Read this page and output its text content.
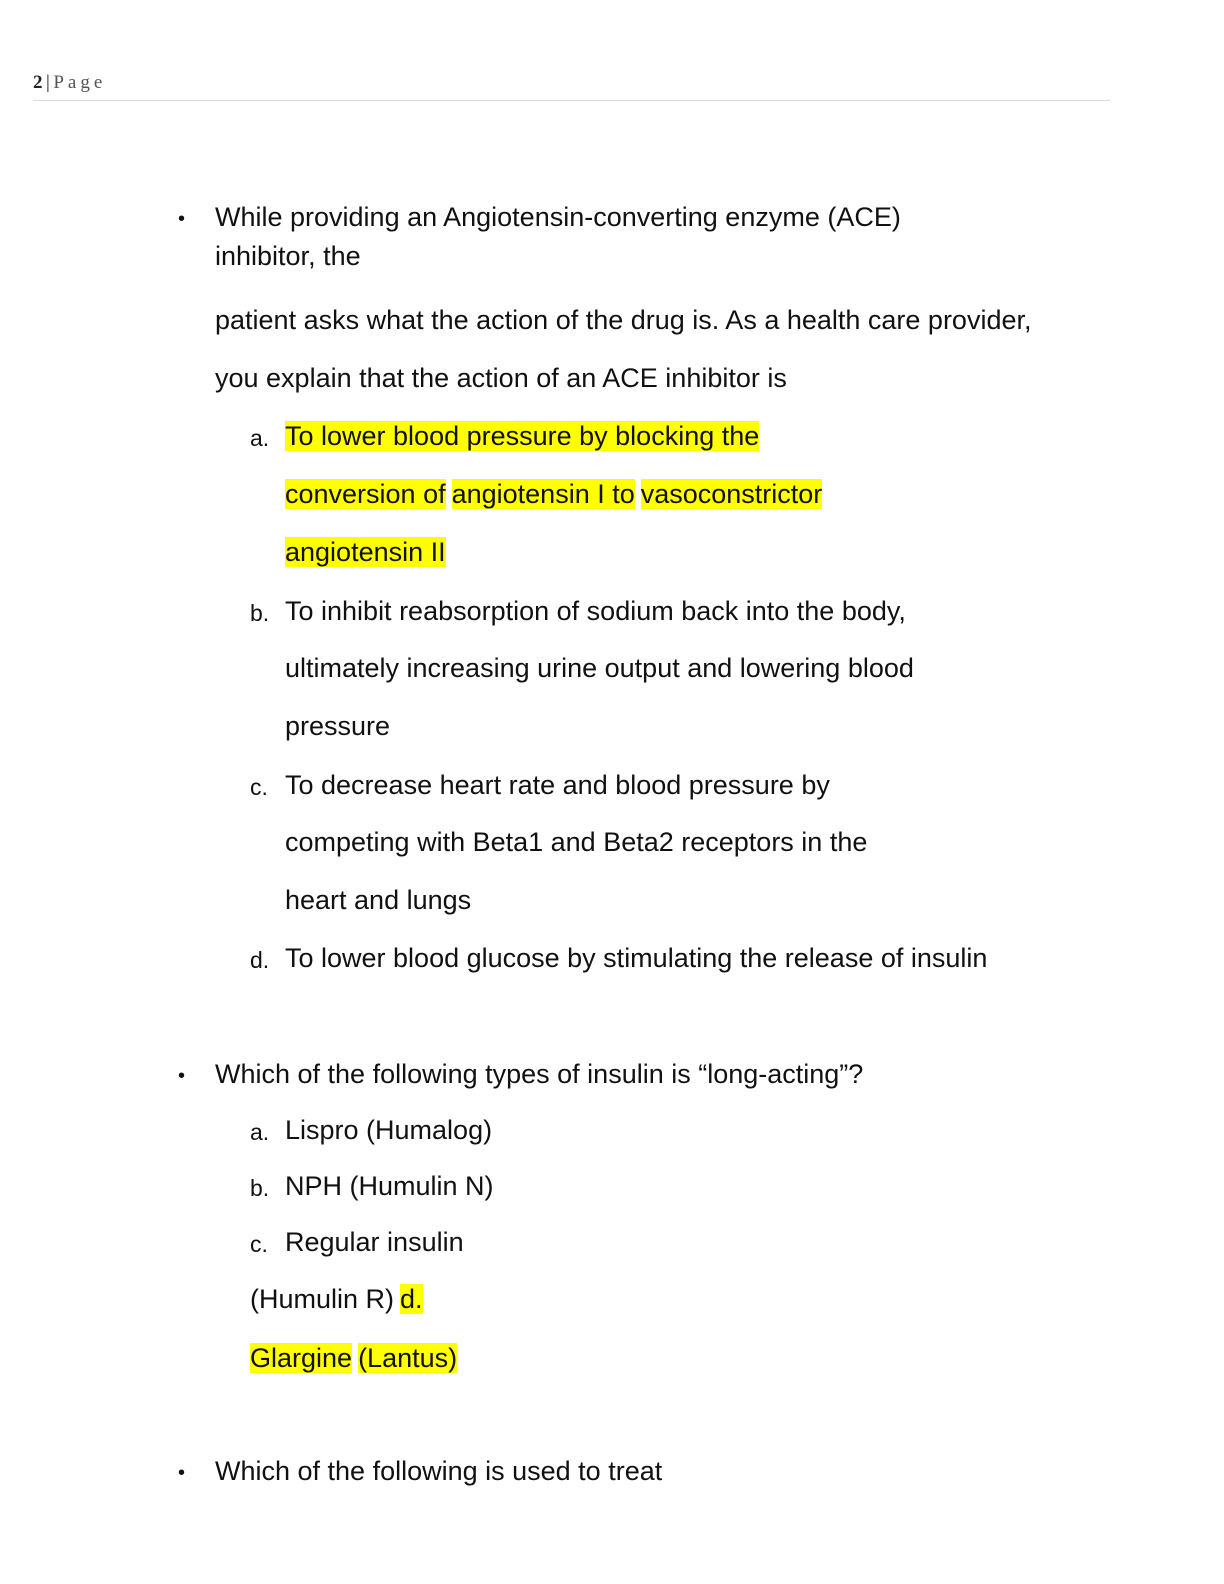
2 | Page
• While providing an Angiotensin-converting enzyme (ACE)
inhibitor, the
patient asks what the action of the drug is. As a health care provider,
you explain that the action of an ACE inhibitor is
a. To lower blood pressure by blocking the
conversion of angiotensin I to vasoconstrictor
angiotensin II
b. To inhibit reabsorption of sodium back into the body,
ultimately increasing urine output and lowering blood
pressure
c. To decrease heart rate and blood pressure by
competing with Beta1 and Beta2 receptors in the
heart and lungs
d. To lower blood glucose by stimulating the release of insulin
• Which of the following types of insulin is “long-acting”?
a. Lispro (Humalog)
b. NPH (Humulin N)
c. Regular insulin
(Humulin R) d.
Glargine (Lantus)
• Which of the following is used to treat
